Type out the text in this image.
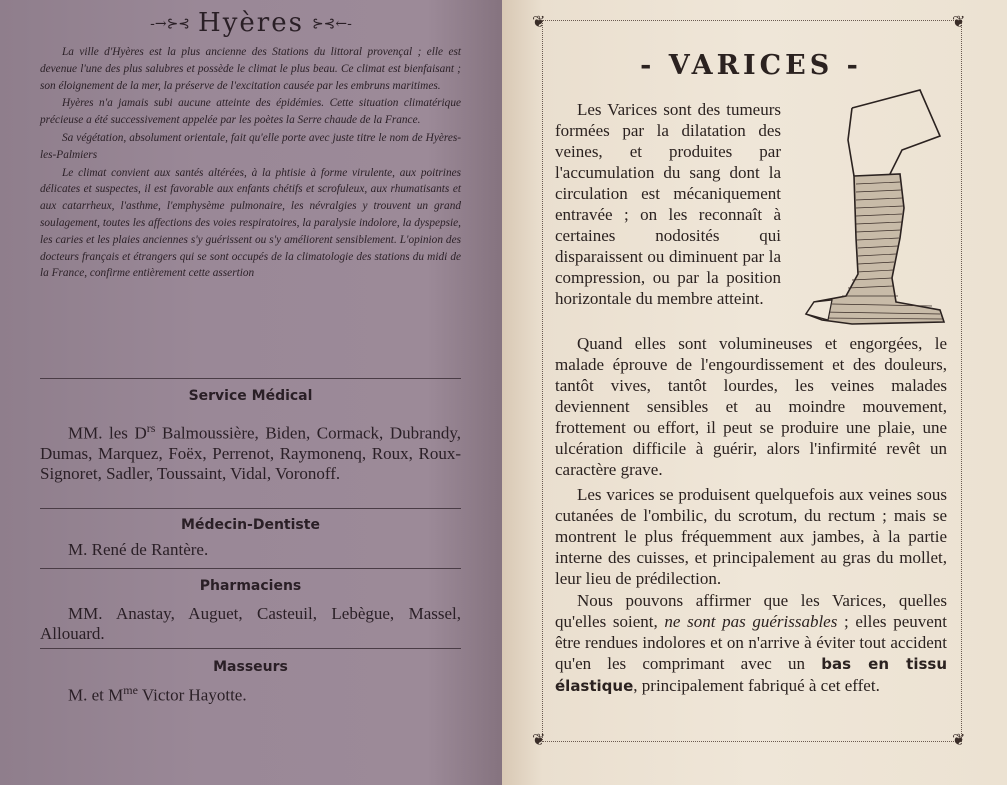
-→⊱⊰ Hyères ⊱⊰←-

La ville d'Hyères est la plus ancienne des Stations du littoral provençal ; elle est devenue l'une des plus salubres et possède le climat le plus beau. Ce climat est bienfaisant ; son éloignement de la mer, la préserve de l'excitation causée par les embruns maritimes.

Hyères n'a jamais subi aucune atteinte des épidémies. Cette situation climatérique précieuse a été successivement appelée par les poètes la Serre chaude de la France.

Sa végétation, absolument orientale, fait qu'elle porte avec juste titre le nom de Hyères-les-Palmiers

Le climat convient aux santés altérées, à la phtisie à forme virulente, aux poitrines délicates et suspectes, il est favorable aux enfants chétifs et scrofuleux, aux rhumatisants et aux catarrheux, l'asthme, l'emphysème pulmonaire, les névralgies y trouvent un grand soulagement, toutes les affections des voies respiratoires, la paralysie indolore, la dyspepsie, les caries et les plaies anciennes s'y guérissent ou s'y améliorent sensiblement. L'opinion des docteurs français et étrangers qui se sont occupés de la climatologie des stations du midi de la France, confirme entièrement cette assertion

Service Médical
MM. les $D^{rs}$ Balmoussière, Biden, Cormack, Dubrandy, Dumas, Marquez, Foëx, Perrenot, Raymonenq, Roux, Roux-Signoret, Sadler, Toussaint, Vidal, Voronoff.
Médecin-Dentiste
M. René de Rantère.
Pharmaciens
MM. Anastay, Auguet, Casteuil, Lebègue, Massel, Allouard.
Masseurs
M. et $M^{me}$ Victor Hayotte.
❦	❦
❦	❦
- VARICES -
Les Varices sont des tumeurs formées par la dilatation des veines, et produites par l'accumulation du sang dont la circulation est mécaniquement entravée ; on les reconnaît à certaines nodosités qui disparaissent ou diminuent par la compression, ou par la position horizontale du membre atteint.
Quand elles sont volumineuses et engorgées, le malade éprouve de l'engourdissement et des douleurs, tantôt vives, tantôt lourdes, les veines malades deviennent sensibles et au moindre mouvement, frottement ou effort, il peut se produire une plaie, une ulcération difficile à guérir, alors l'infirmité revêt un caractère grave.
Les varices se produisent quelquefois aux veines sous cutanées de l'ombilic, du scrotum, du rectum ; mais se montrent le plus fréquemment aux jambes, à la partie interne des cuisses, et principalement au gras du mollet, leur lieu de prédilection.
Nous pouvons affirmer que les Varices, quelles qu'elles soient, ne sont pas guérissables ; elles peuvent être rendues indolores et on n'arrive à éviter tout accident qu'en les comprimant avec un bas en tissu élastique, principalement fabriqué à cet effet.
